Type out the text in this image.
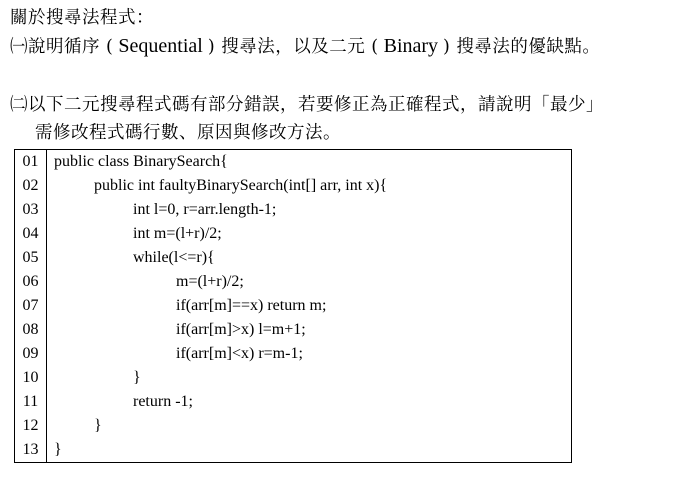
關於搜尋法程式：
㈠說明循序 ( Sequential ) 搜尋法，以及二元 ( Binary ) 搜尋法的優缺點。
㈡以下二元搜尋程式碼有部分錯誤，若要修正為正確程式，請說明「最少」
需修改程式碼行數、原因與修改方法。
01 public class BinarySearch{
02	public int faultyBinarySearch(int[] arr, int x){
03	int l=0, r=arr.length-1;
04	int m=(l+r)/2;
05	while(l<=r){
06	m=(l+r)/2;
07	if(arr[m]==x) return m;
08	if(arr[m]>x) l=m+1;
09	if(arr[m]<x) r=m-1;
10	}
11	return -1;
12	}
13 }
